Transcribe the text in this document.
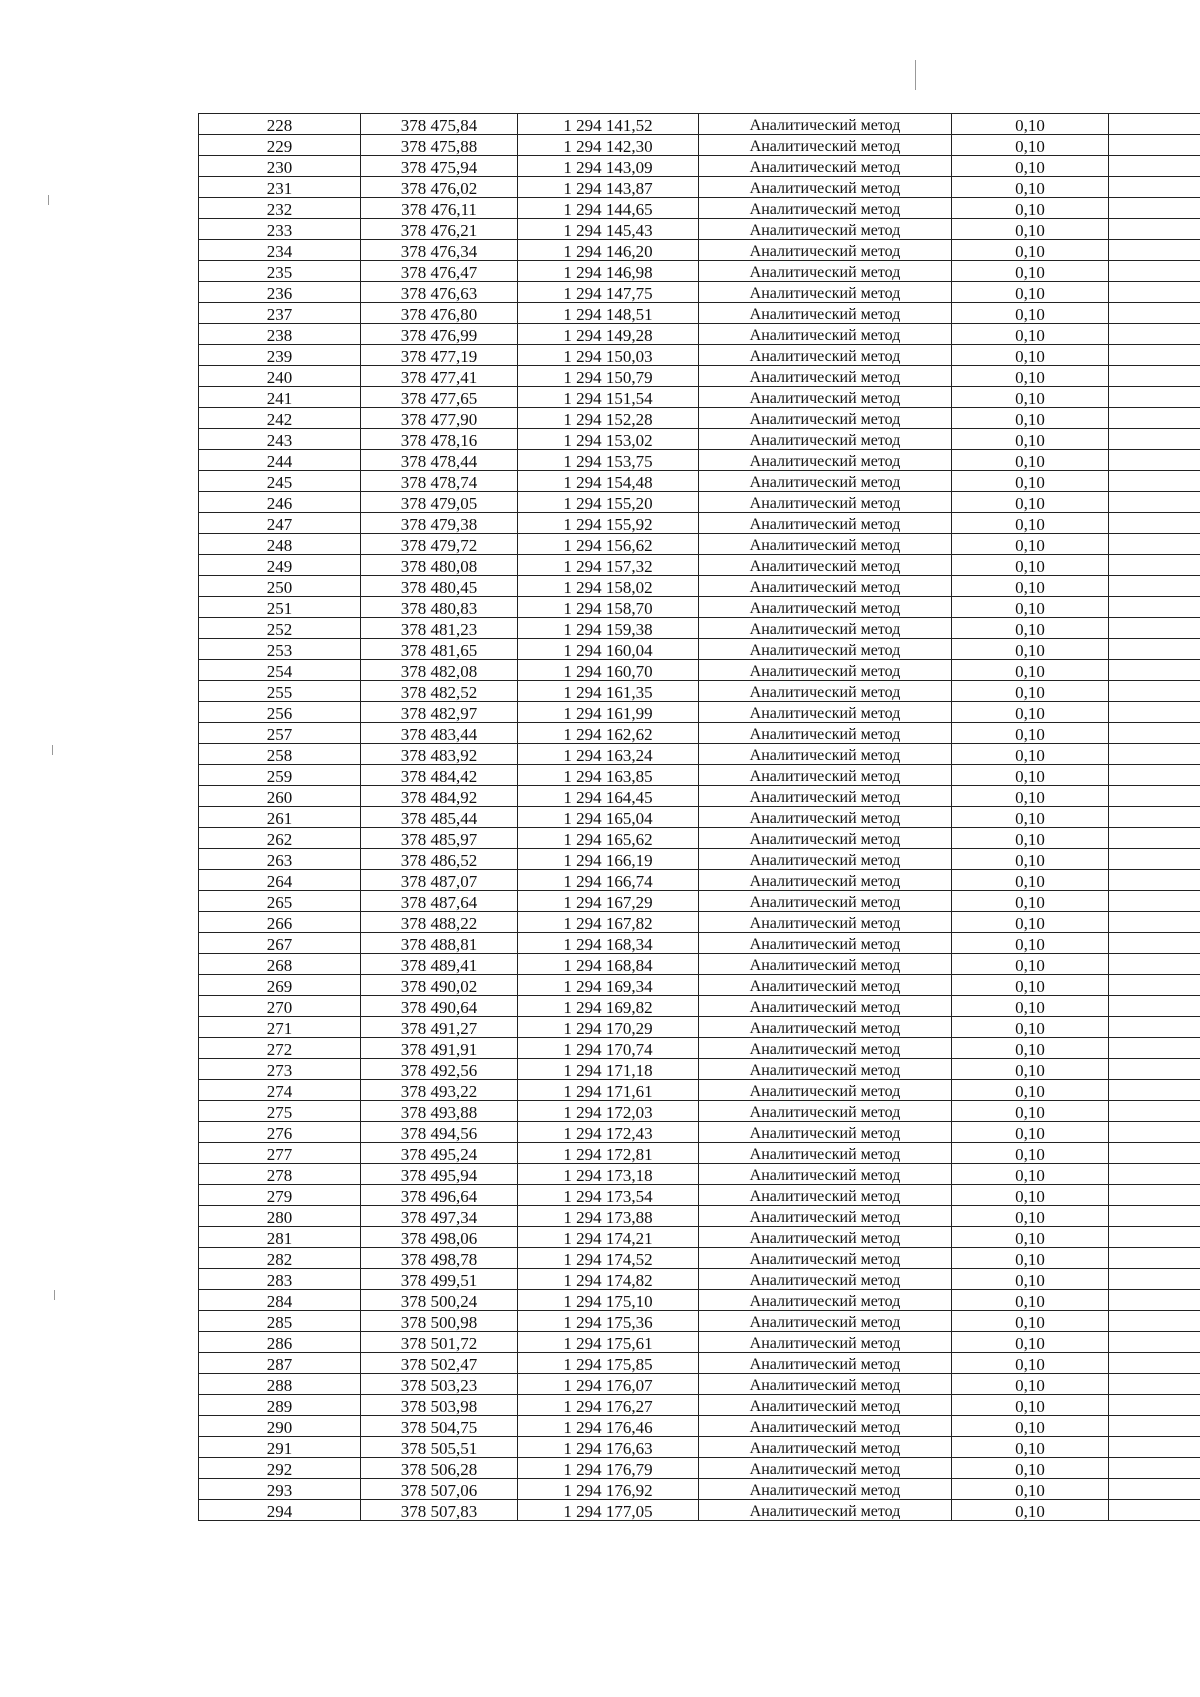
228	378 475,84	1 294 141,52	Аналитический метод	0,10	
229	378 475,88	1 294 142,30	Аналитический метод	0,10	
230	378 475,94	1 294 143,09	Аналитический метод	0,10	
231	378 476,02	1 294 143,87	Аналитический метод	0,10	
232	378 476,11	1 294 144,65	Аналитический метод	0,10	
233	378 476,21	1 294 145,43	Аналитический метод	0,10	
234	378 476,34	1 294 146,20	Аналитический метод	0,10	
235	378 476,47	1 294 146,98	Аналитический метод	0,10	
236	378 476,63	1 294 147,75	Аналитический метод	0,10	
237	378 476,80	1 294 148,51	Аналитический метод	0,10	
238	378 476,99	1 294 149,28	Аналитический метод	0,10	
239	378 477,19	1 294 150,03	Аналитический метод	0,10	
240	378 477,41	1 294 150,79	Аналитический метод	0,10	
241	378 477,65	1 294 151,54	Аналитический метод	0,10	
242	378 477,90	1 294 152,28	Аналитический метод	0,10	
243	378 478,16	1 294 153,02	Аналитический метод	0,10	
244	378 478,44	1 294 153,75	Аналитический метод	0,10	
245	378 478,74	1 294 154,48	Аналитический метод	0,10	
246	378 479,05	1 294 155,20	Аналитический метод	0,10	
247	378 479,38	1 294 155,92	Аналитический метод	0,10	
248	378 479,72	1 294 156,62	Аналитический метод	0,10	
249	378 480,08	1 294 157,32	Аналитический метод	0,10	
250	378 480,45	1 294 158,02	Аналитический метод	0,10	
251	378 480,83	1 294 158,70	Аналитический метод	0,10	
252	378 481,23	1 294 159,38	Аналитический метод	0,10	
253	378 481,65	1 294 160,04	Аналитический метод	0,10	
254	378 482,08	1 294 160,70	Аналитический метод	0,10	
255	378 482,52	1 294 161,35	Аналитический метод	0,10	
256	378 482,97	1 294 161,99	Аналитический метод	0,10	
257	378 483,44	1 294 162,62	Аналитический метод	0,10	
258	378 483,92	1 294 163,24	Аналитический метод	0,10	
259	378 484,42	1 294 163,85	Аналитический метод	0,10	
260	378 484,92	1 294 164,45	Аналитический метод	0,10	
261	378 485,44	1 294 165,04	Аналитический метод	0,10	
262	378 485,97	1 294 165,62	Аналитический метод	0,10	
263	378 486,52	1 294 166,19	Аналитический метод	0,10	
264	378 487,07	1 294 166,74	Аналитический метод	0,10	
265	378 487,64	1 294 167,29	Аналитический метод	0,10	
266	378 488,22	1 294 167,82	Аналитический метод	0,10	
267	378 488,81	1 294 168,34	Аналитический метод	0,10	
268	378 489,41	1 294 168,84	Аналитический метод	0,10	
269	378 490,02	1 294 169,34	Аналитический метод	0,10	
270	378 490,64	1 294 169,82	Аналитический метод	0,10	
271	378 491,27	1 294 170,29	Аналитический метод	0,10	
272	378 491,91	1 294 170,74	Аналитический метод	0,10	
273	378 492,56	1 294 171,18	Аналитический метод	0,10	
274	378 493,22	1 294 171,61	Аналитический метод	0,10	
275	378 493,88	1 294 172,03	Аналитический метод	0,10	
276	378 494,56	1 294 172,43	Аналитический метод	0,10	
277	378 495,24	1 294 172,81	Аналитический метод	0,10	
278	378 495,94	1 294 173,18	Аналитический метод	0,10	
279	378 496,64	1 294 173,54	Аналитический метод	0,10	
280	378 497,34	1 294 173,88	Аналитический метод	0,10	
281	378 498,06	1 294 174,21	Аналитический метод	0,10	
282	378 498,78	1 294 174,52	Аналитический метод	0,10	
283	378 499,51	1 294 174,82	Аналитический метод	0,10	
284	378 500,24	1 294 175,10	Аналитический метод	0,10	
285	378 500,98	1 294 175,36	Аналитический метод	0,10	
286	378 501,72	1 294 175,61	Аналитический метод	0,10	
287	378 502,47	1 294 175,85	Аналитический метод	0,10	
288	378 503,23	1 294 176,07	Аналитический метод	0,10	
289	378 503,98	1 294 176,27	Аналитический метод	0,10	
290	378 504,75	1 294 176,46	Аналитический метод	0,10	
291	378 505,51	1 294 176,63	Аналитический метод	0,10	
292	378 506,28	1 294 176,79	Аналитический метод	0,10	
293	378 507,06	1 294 176,92	Аналитический метод	0,10	
294	378 507,83	1 294 177,05	Аналитический метод	0,10	
